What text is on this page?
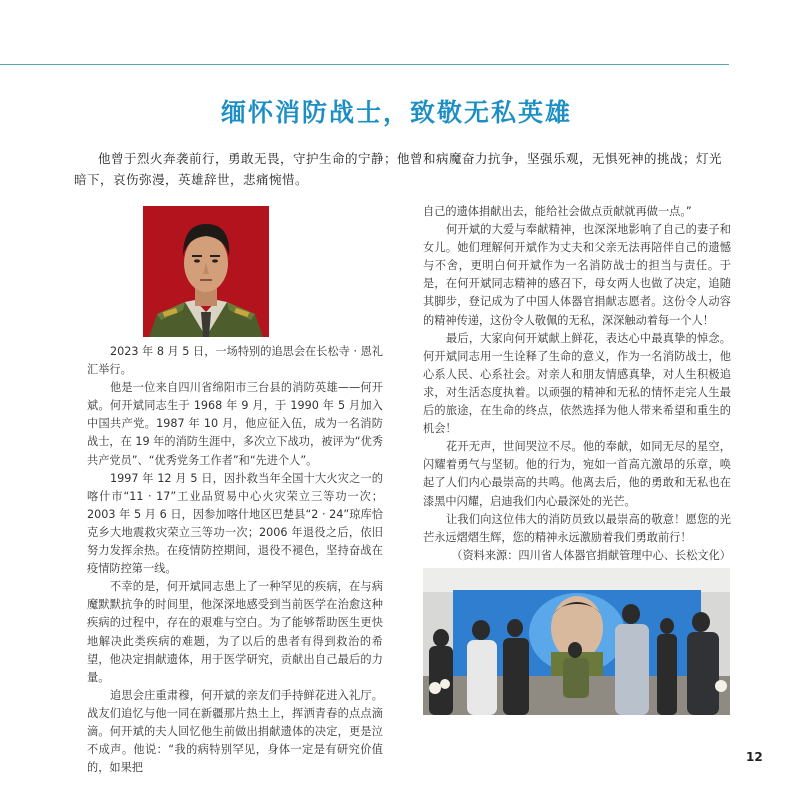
缅怀消防战士，致敬无私英雄
他曾于烈火奔袭前行，勇敢无畏，守护生命的宁静；他曾和病魔奋力抗争，坚强乐观，无惧死神的挑战；灯光暗下，哀伤弥漫，英雄辞世，悲痛惋惜。

2023 年 8 月 5 日，一场特别的追思会在长松寺 · 恩礼汇举行。

他是一位来自四川省绵阳市三台县的消防英雄——何开斌。何开斌同志生于 1968 年 9 月，于 1990 年 5 月加入中国共产党。1987 年 10 月，他应征入伍，成为一名消防战士，在 19 年的消防生涯中，多次立下战功，被评为“优秀共产党员”、“优秀党务工作者”和“先进个人”。

1997 年 12 月 5 日，因扑救当年全国十大火灾之一的喀什市“11 · 17”工业品贸易中心火灾荣立三等功一次；2003 年 5 月 6 日，因参加喀什地区巴楚县“2 · 24”琼库恰克乡大地震救灾荣立三等功一次；2006 年退役之后，依旧努力发挥余热。在疫情防控期间，退役不褪色，坚持奋战在疫情防控第一线。

不幸的是，何开斌同志患上了一种罕见的疾病，在与病魔默默抗争的时间里，他深深地感受到当前医学在治愈这种疾病的过程中，存在的艰难与空白。为了能够帮助医生更快地解决此类疾病的难题，为了以后的患者有得到救治的希望，他决定捐献遗体，用于医学研究，贡献出自己最后的力量。

追思会庄重肃穆，何开斌的亲友们手持鲜花进入礼厅。战友们追忆与他一同在新疆那片热土上，挥洒青春的点点滴滴。何开斌的夫人回忆他生前做出捐献遗体的决定，更是泣不成声。他说：“我的病特别罕见，身体一定是有研究价值的，如果把

自己的遗体捐献出去，能给社会做点贡献就再做一点。”

何开斌的大爱与奉献精神，也深深地影响了自己的妻子和女儿。她们理解何开斌作为丈夫和父亲无法再陪伴自己的遗憾与不舍，更明白何开斌作为一名消防战士的担当与责任。于是，在何开斌同志精神的感召下，母女两人也做了决定，追随其脚步，登记成为了中国人体器官捐献志愿者。这份令人动容的精神传递，这份令人敬佩的无私，深深触动着每一个人！

最后，大家向何开斌献上鲜花，表达心中最真挚的悼念。何开斌同志用一生诠释了生命的意义，作为一名消防战士，他心系人民、心系社会。对亲人和朋友情感真挚，对人生积极追求，对生活态度执着。以顽强的精神和无私的情怀走完人生最后的旅途，在生命的终点，依然选择为他人带来希望和重生的机会！

花开无声，世间哭泣不尽。他的奉献，如同无尽的星空，闪耀着勇气与坚韧。他的行为，宛如一首高亢激昂的乐章，唤起了人们内心最崇高的共鸣。他离去后，他的勇敢和无私也在漆黑中闪耀，启迪我们内心最深处的光芒。

让我们向这位伟大的消防员致以最崇高的敬意！愿您的光芒永远熠熠生辉，您的精神永远激励着我们勇敢前行！

（资料来源：四川省人体器官捐献管理中心、长松文化）

12
